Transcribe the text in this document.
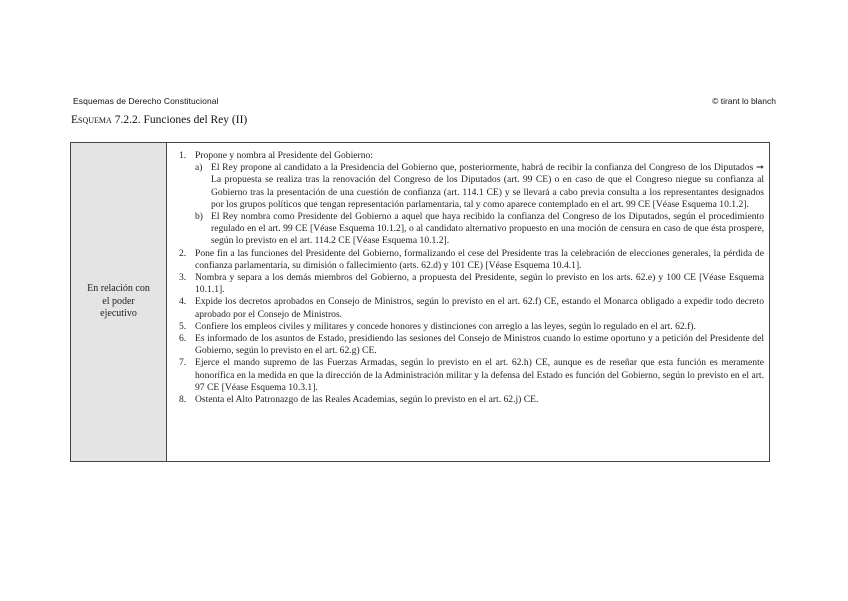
Esquemas de Derecho Constitucional	© tirant lo blanch
Esquema 7.2.2. Funciones del Rey (II)
En relación con el poder ejecutivo
1. Propone y nombra al Presidente del Gobierno:
a) El Rey propone al candidato a la Presidencia del Gobierno que, posteriormente, habrá de recibir la confianza del Congreso de los Diputados ➞ La propuesta se realiza tras la renovación del Congreso de los Diputados (art. 99 CE) o en caso de que el Congreso niegue su confianza al Gobierno tras la presentación de una cuestión de confianza (art. 114.1 CE) y se llevará a cabo previa consulta a los representantes designados por los grupos políticos que tengan representación parlamentaria, tal y como aparece contemplado en el art. 99 CE [Véase Esquema 10.1.2].
b) El Rey nombra como Presidente del Gobierno a aquel que haya recibido la confianza del Congreso de los Diputados, según el procedimiento regulado en el art. 99 CE [Véase Esquema 10.1.2], o al candidato alternativo propuesto en una moción de censura en caso de que ésta prospere, según lo previsto en el art. 114.2 CE [Véase Esquema 10.1.2].
2. Pone fin a las funciones del Presidente del Gobierno, formalizando el cese del Presidente tras la celebración de elecciones generales, la pérdida de confianza parlamentaria, su dimisión o fallecimiento (arts. 62.d) y 101 CE) [Véase Esquema 10.4.1].
3. Nombra y separa a los demás miembros del Gobierno, a propuesta del Presidente, según lo previsto en los arts. 62.e) y 100 CE [Véase Esquema 10.1.1].
4. Expide los decretos aprobados en Consejo de Ministros, según lo previsto en el art. 62.f) CE, estando el Monarca obligado a expedir todo decreto aprobado por el Consejo de Ministros.
5. Confiere los empleos civiles y militares y concede honores y distinciones con arreglo a las leyes, según lo regulado en el art. 62.f).
6. Es informado de los asuntos de Estado, presidiendo las sesiones del Consejo de Ministros cuando lo estime oportuno y a petición del Presidente del Gobierno, según lo previsto en el art. 62.g) CE.
7. Ejerce el mando supremo de las Fuerzas Armadas, según lo previsto en el art. 62.h) CE, aunque es de reseñar que esta función es meramente honorífica en la medida en que la dirección de la Administración militar y la defensa del Estado es función del Gobierno, según lo previsto en el art. 97 CE [Véase Esquema 10.3.1].
8. Ostenta el Alto Patronazgo de las Reales Academias, según lo previsto en el art. 62.j) CE.
